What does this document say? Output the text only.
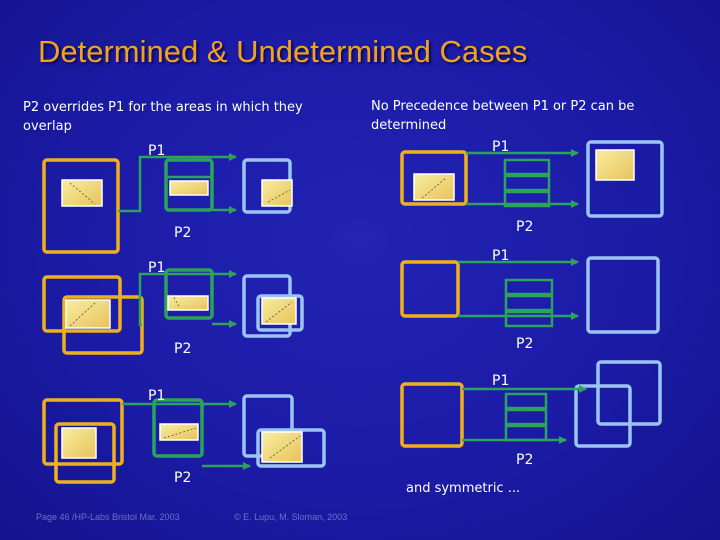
Determined & Undetermined Cases
P2 overrides P1 for the areas in which they
overlap
No Precedence between P1 or P2 can be
determined
P1
P2
P1
P2
P1
P2
P1
P2
P1
P2
P1
P2
and symmetric ...
Page 46 /HP-Labs Bristol Mar. 2003	© E. Lupu, M. Sloman, 2003
